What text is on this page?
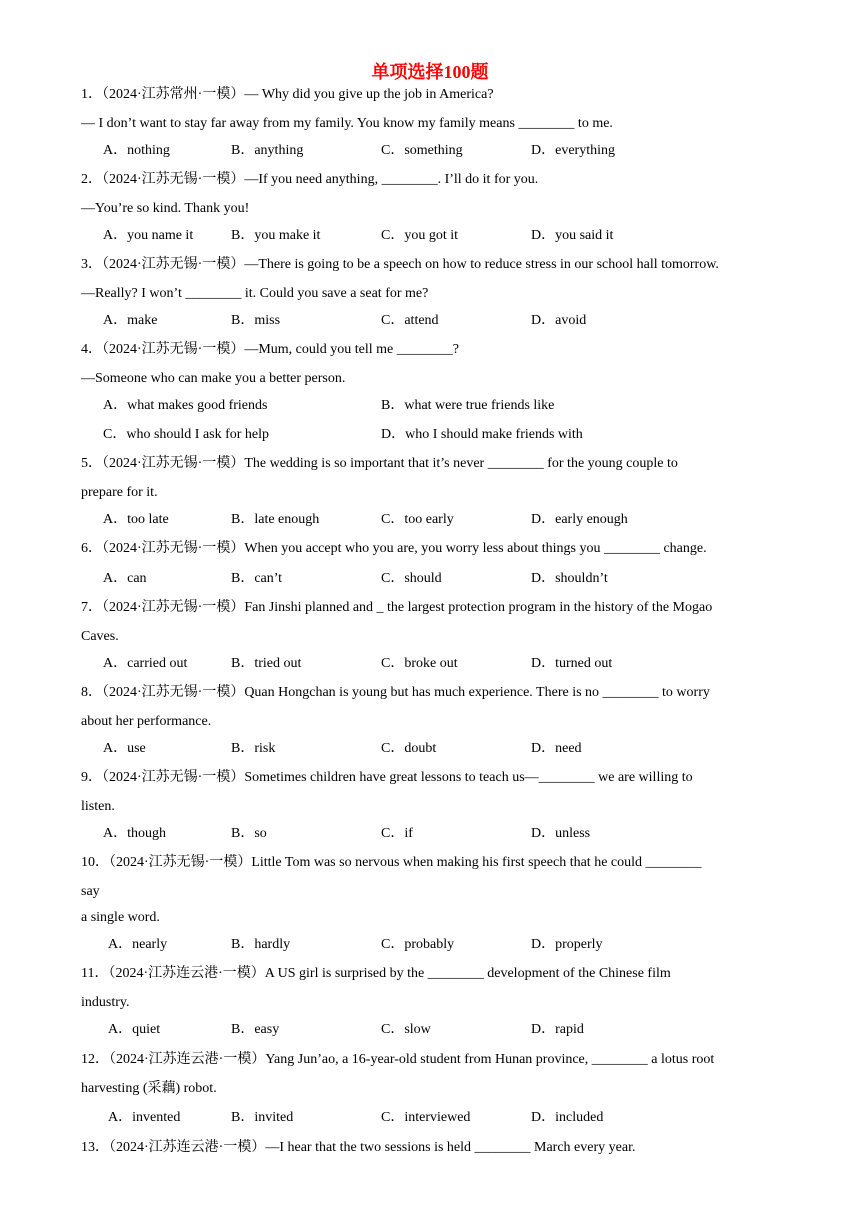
单项选择100题
1．（2024·江苏常州·一模）— Why did you give up the job in America?
— I don’t want to stay far away from my family. You know my family means ________ to me.
A．nothing	B．anything	C．something	D．everything
2．（2024·江苏无锡·一模）—If you need anything, ________. I’ll do it for you.
—You’re so kind. Thank you!
A．you name it	B．you make it	C．you got it	D．you said it
3．（2024·江苏无锡·一模）—There is going to be a speech on how to reduce stress in our school hall tomorrow.
—Really? I won’t ________ it. Could you save a seat for me?
A．make	B．miss	C．attend	D．avoid
4．（2024·江苏无锡·一模）—Mum, could you tell me ________?
—Someone who can make you a better person.
A．what makes good friends	B．what were true friends like
C．who should I ask for help	D．who I should make friends with
5．（2024·江苏无锡·一模）The wedding is so important that it’s never ________ for the young couple to
prepare for it.
A．too late	B．late enough	C．too early	D．early enough
6．（2024·江苏无锡·一模）When you accept who you are, you worry less about things you ________ change.
A．can	B．can’t	C．should	D．shouldn’t
7．（2024·江苏无锡·一模）Fan Jinshi planned and _ the largest protection program in the history of the Mogao
Caves.
A．carried out	B．tried out	C．broke out	D．turned out
8．（2024·江苏无锡·一模）Quan Hongchan is young but has much experience. There is no ________ to worry
about her performance.
A．use	B．risk	C．doubt	D．need
9．（2024·江苏无锡·一模）Sometimes children have great lessons to teach us—________ we are willing to
listen.
A．though	B．so	C．if	D．unless
10．（2024·江苏无锡·一模）Little Tom was so nervous when making his first speech that he could ________
say ·
a single word.
A．nearly	B．hardly	C．probably	D．properly
11．（2024·江苏连云港·一模）A US girl is surprised by the ________ development of the Chinese film
industry.
A．quiet	B．easy	C．slow	D．rapid
12．（2024·江苏连云港·一模）Yang Jun’ao, a 16-year-old student from Hunan province, ________ a lotus root
harvesting (采藕) robot.
A．invented	B．invited	C．interviewed	D．included
13．（2024·江苏连云港·一模）—I hear that the two sessions is held ________ March every year.
